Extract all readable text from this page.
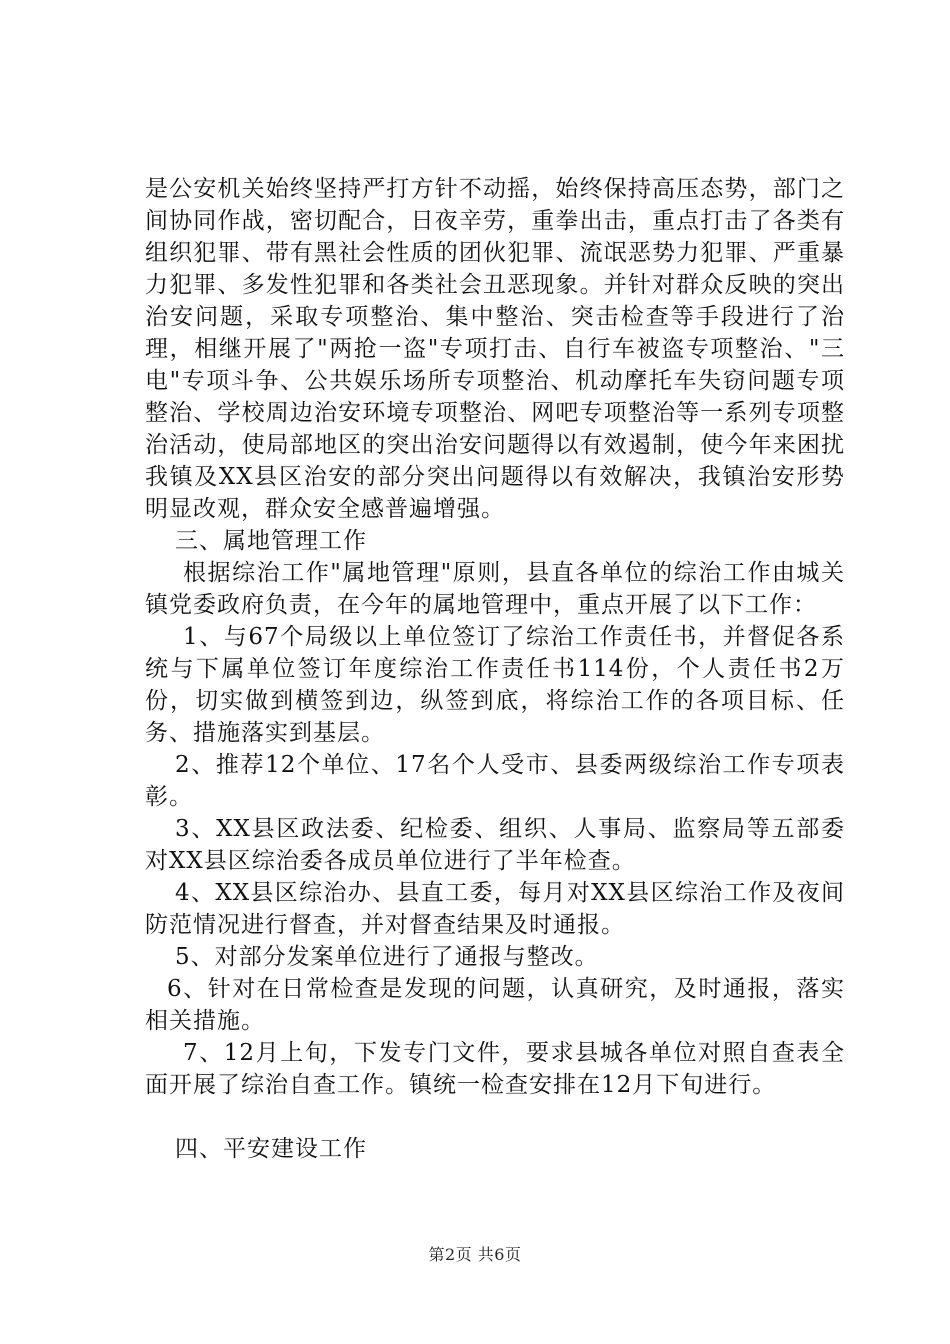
是公安机关始终坚持严打方针不动摇，始终保持高压态势，部门之间协同作战，密切配合，日夜辛劳，重拳出击，重点打击了各类有组织犯罪、带有黑社会性质的团伙犯罪、流氓恶势力犯罪、严重暴力犯罪、多发性犯罪和各类社会丑恶现象。并针对群众反映的突出治安问题，采取专项整治、集中整治、突击检查等手段进行了治理，相继开展了"两抢一盗"专项打击、自行车被盗专项整治、"三电"专项斗争、公共娱乐场所专项整治、机动摩托车失窃问题专项整治、学校周边治安环境专项整治、网吧专项整治等一系列专项整治活动，使局部地区的突出治安问题得以有效遏制，使今年来困扰我镇及XX县区治安的部分突出问题得以有效解决，我镇治安形势明显改观，群众安全感普遍增强。

三、属地管理工作

根据综治工作"属地管理"原则，县直各单位的综治工作由城关镇党委政府负责，在今年的属地管理中，重点开展了以下工作：

1、与67个局级以上单位签订了综治工作责任书，并督促各系统与下属单位签订年度综治工作责任书114份，个人责任书2万份，切实做到横签到边，纵签到底，将综治工作的各项目标、任务、措施落实到基层。

2、推荐12个单位、17名个人受市、县委两级综治工作专项表彰。

3、XX县区政法委、纪检委、组织、人事局、监察局等五部委对XX县区综治委各成员单位进行了半年检查。

4、XX县区综治办、县直工委，每月对XX县区综治工作及夜间防范情况进行督查，并对督查结果及时通报。

5、对部分发案单位进行了通报与整改。

6、针对在日常检查是发现的问题，认真研究，及时通报，落实相关措施。

7、12月上旬，下发专门文件，要求县城各单位对照自查表全面开展了综治自查工作。镇统一检查安排在12月下旬进行。

四、平安建设工作

第2页 共6页
